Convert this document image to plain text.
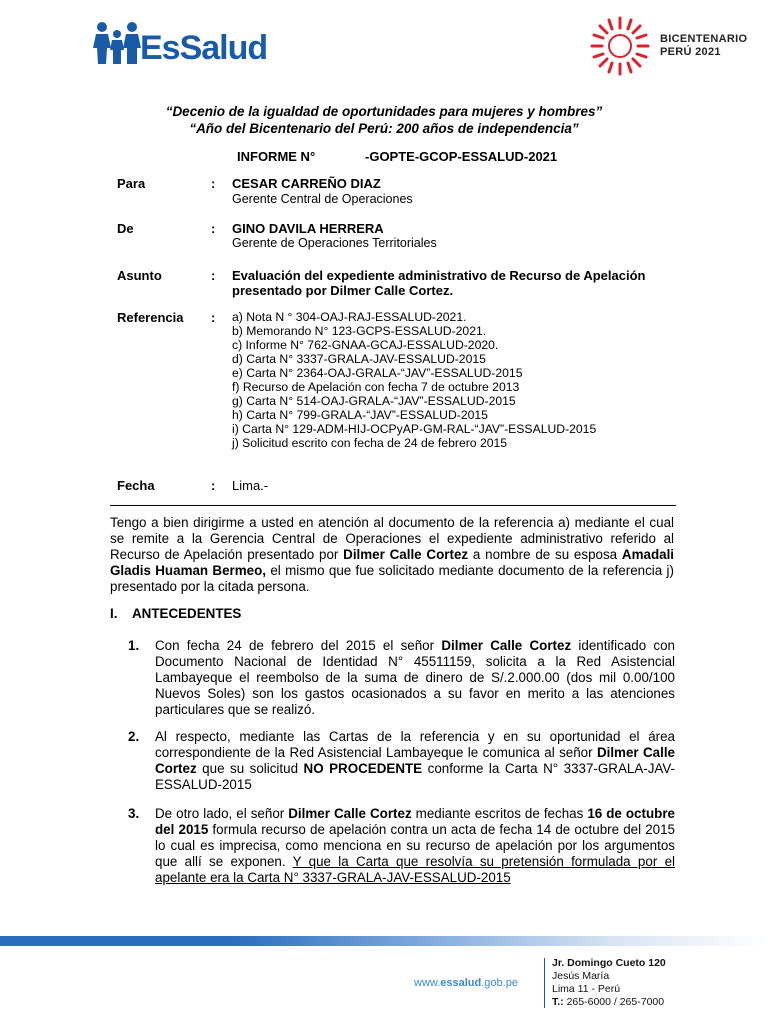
EsSalud	BICENTENARIO
PERÚ 2021
“Decenio de la igualdad de oportunidades para mujeres y hombres”
“Año del Bicentenario del Perú: 200 años de independencia”
INFORME N°	-GOPTE-GCOP-ESSALUD-2021
Para	: CESAR CARREÑO DIAZ
Gerente Central de Operaciones
De	: GINO DAVILA HERRERA
Gerente de Operaciones Territoriales
Asunto	: Evaluación del expediente administrativo de Recurso de Apelación
presentado por Dilmer Calle Cortez.
Referencia : a) Nota N ° 304-OAJ-RAJ-ESSALUD-2021.
b) Memorando N° 123-GCPS-ESSALUD-2021.
c) Informe N° 762-GNAA-GCAJ-ESSALUD-2020.
d) Carta N° 3337-GRALA-JAV-ESSALUD-2015
e) Carta N° 2364-OAJ-GRALA-“JAV”-ESSALUD-2015
f) Recurso de Apelación con fecha 7 de octubre 2013
g) Carta N° 514-OAJ-GRALA-“JAV”-ESSALUD-2015
h) Carta N° 799-GRALA-“JAV”-ESSALUD-2015
i) Carta N° 129-ADM-HIJ-OCPyAP-GM-RAL-“JAV”-ESSALUD-2015
j) Solicitud escrito con fecha de 24 de febrero 2015
Fecha	: Lima.-
Tengo a bien dirigirme a usted en atención al documento de la referencia a) mediante el cual se remite a la Gerencia Central de Operaciones el expediente administrativo referido al Recurso de Apelación presentado por Dilmer Calle Cortez a nombre de su esposa Amadali Gladis Huaman Bermeo, el mismo que fue solicitado mediante documento de la referencia j) presentado por la citada persona.
I. ANTECEDENTES
1. Con fecha 24 de febrero del 2015 el señor Dilmer Calle Cortez identificado con Documento Nacional de Identidad N° 45511159, solicita a la Red Asistencial Lambayeque el reembolso de la suma de dinero de S/.2.000.00 (dos mil 0.00/100 Nuevos Soles) son los gastos ocasionados a su favor en merito a las atenciones particulares que se realizó.
2. Al respecto, mediante las Cartas de la referencia y en su oportunidad el área correspondiente de la Red Asistencial Lambayeque le comunica al señor Dilmer Calle Cortez que su solicitud NO PROCEDENTE conforme la Carta N° 3337-GRALA-JAV-ESSALUD-2015
3. De otro lado, el señor Dilmer Calle Cortez mediante escritos de fechas 16 de octubre del 2015 formula recurso de apelación contra un acta de fecha 14 de octubre del 2015 lo cual es imprecisa, como menciona en su recurso de apelación por los argumentos que allí se exponen. Y que la Carta que resolvía su pretensión formulada por el apelante era la Carta N° 3337-GRALA-JAV-ESSALUD-2015
www.essalud.gob.pe
Jr. Domingo Cueto 120
Jesús María
Lima 11 - Perú
T.: 265-6000 / 265-7000
